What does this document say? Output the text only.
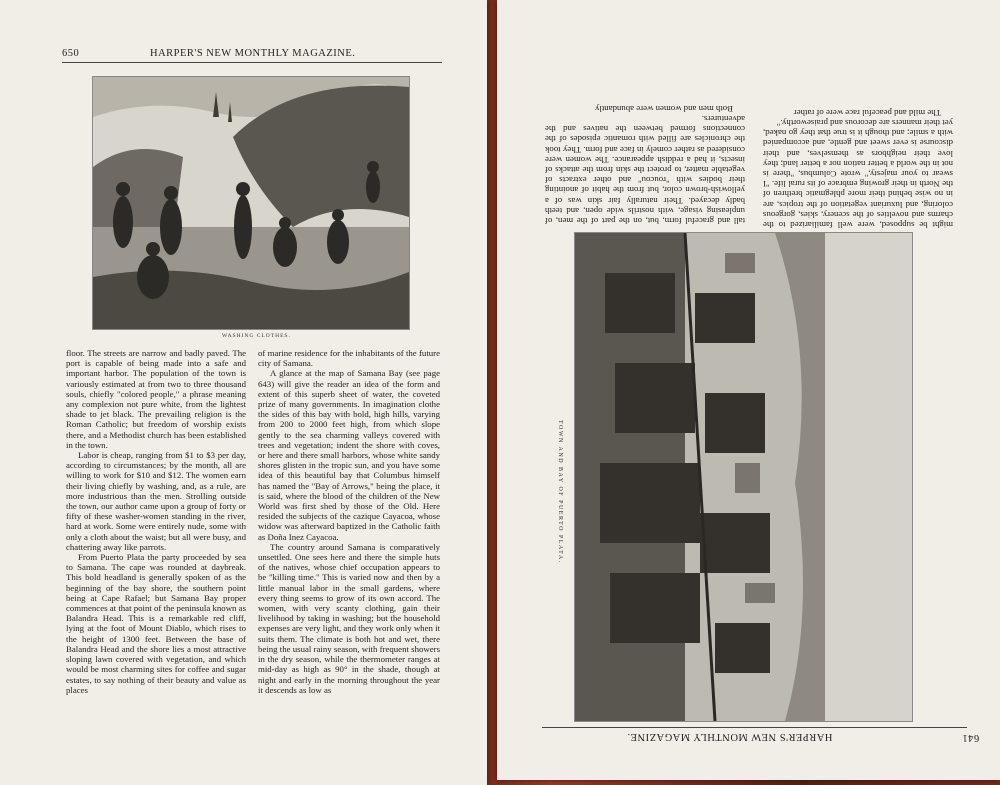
650	HARPER'S NEW MONTHLY MAGAZINE.
WASHING CLOTHES.

floor. The streets are narrow and badly paved. The port is capable of being made into a safe and important harbor. The population of the town is variously estimated at from two to three thousand souls, chiefly "colored people," a phrase meaning any complexion not pure white, from the lightest shade to jet black. The prevailing religion is the Roman Catholic; but freedom of worship exists there, and a Methodist church has been established in the town.

Labor is cheap, ranging from $1 to $3 per day, according to circumstances; by the month, all are willing to work for $10 and $12. The women earn their living chiefly by washing, and, as a rule, are more industrious than the men. Strolling outside the town, our author came upon a group of forty or fifty of these washer-women standing in the river, hard at work. Some were entirely nude, some with only a cloth about the waist; but all were busy, and chattering away like parrots.

From Puerto Plata the party proceeded by sea to Samana. The cape was rounded at daybreak. This bold headland is generally spoken of as the beginning of the bay shore, the southern point being at Cape Rafael; but Samana Bay proper commences at that point of the peninsula known as Balandra Head. This is a remarkable red cliff, lying at the foot of Mount Diablo, which rises to the height of 1300 feet. Between the base of Balandra Head and the shore lies a most attractive sloping lawn covered with vegetation, and which would be most charming sites for coffee and sugar estates, to say nothing of their beauty and value as places

of marine residence for the inhabitants of the future city of Samana.

A glance at the map of Samana Bay (see page 643) will give the reader an idea of the form and extent of this superb sheet of water, the coveted prize of many governments. In imagination clothe the sides of this bay with bold, high hills, varying from 200 to 2000 feet high, from which slope gently to the sea charming valleys covered with trees and vegetation; indent the shore with coves, or here and there small harbors, whose white sandy shores glisten in the tropic sun, and you have some idea of this beautiful bay that Columbus himself has named the "Bay of Arrows," being the place, it is said, where the blood of the children of the New World was first shed by those of the Old. Here resided the subjects of the cazique Cayacoa, whose widow was afterward baptized in the Catholic faith as Doña Inez Cayacoa.

The country around Samana is comparatively unsettled. One sees here and there the simple huts of the natives, whose chief occupation appears to be "killing time." This is varied now and then by a little manual labor in the small gardens, where every thing seems to grow of its own accord. The women, with very scanty clothing, gain their livelihood by taking in washing; but the household expenses are very light, and they work only when it suits them. The climate is both hot and wet, there being the usual rainy season, with frequent showers in the dry season, while the thermometer ranges at mid-day as high as 90° in the shade, though at night and early in the morning throughout the year it descends as low as

HARPER'S NEW MONTHLY MAGAZINE.	641
TOWN AND BAY OF PUERTO PLATA.

might be supposed, were well familiarized to the charms and novelties of the scenery, skies, gorgeous coloring, and luxuriant vegetation of the tropics, are in no wise behind their more phlegmatic brethren of the North in their growing embrace of its rural life. "I swear to your majesty," wrote Columbus, "there is not in the world a better nation nor a better land; they love their neighbors as themselves, and their discourse is ever sweet and gentle, and accompanied with a smile; and though it is true that they go naked, yet their manners are decorous and praiseworthy."

The mild and peaceful race were of rather

tall and graceful form, but, on the part of the men, of unpleasing visage, with nostrils wide open, and teeth badly decayed. Their naturally fair skin was of a yellowish-brown color, but from the habit of anointing their bodies with "roucou" and other extracts of vegetable matter, to protect the skin from the attacks of insects, it had a reddish appearance. The women were considered as rather comely in face and form. They took the chronicles are filled with romantic episodes of the connections formed between the natives and the adventurers.

Both men and women were abundantly
